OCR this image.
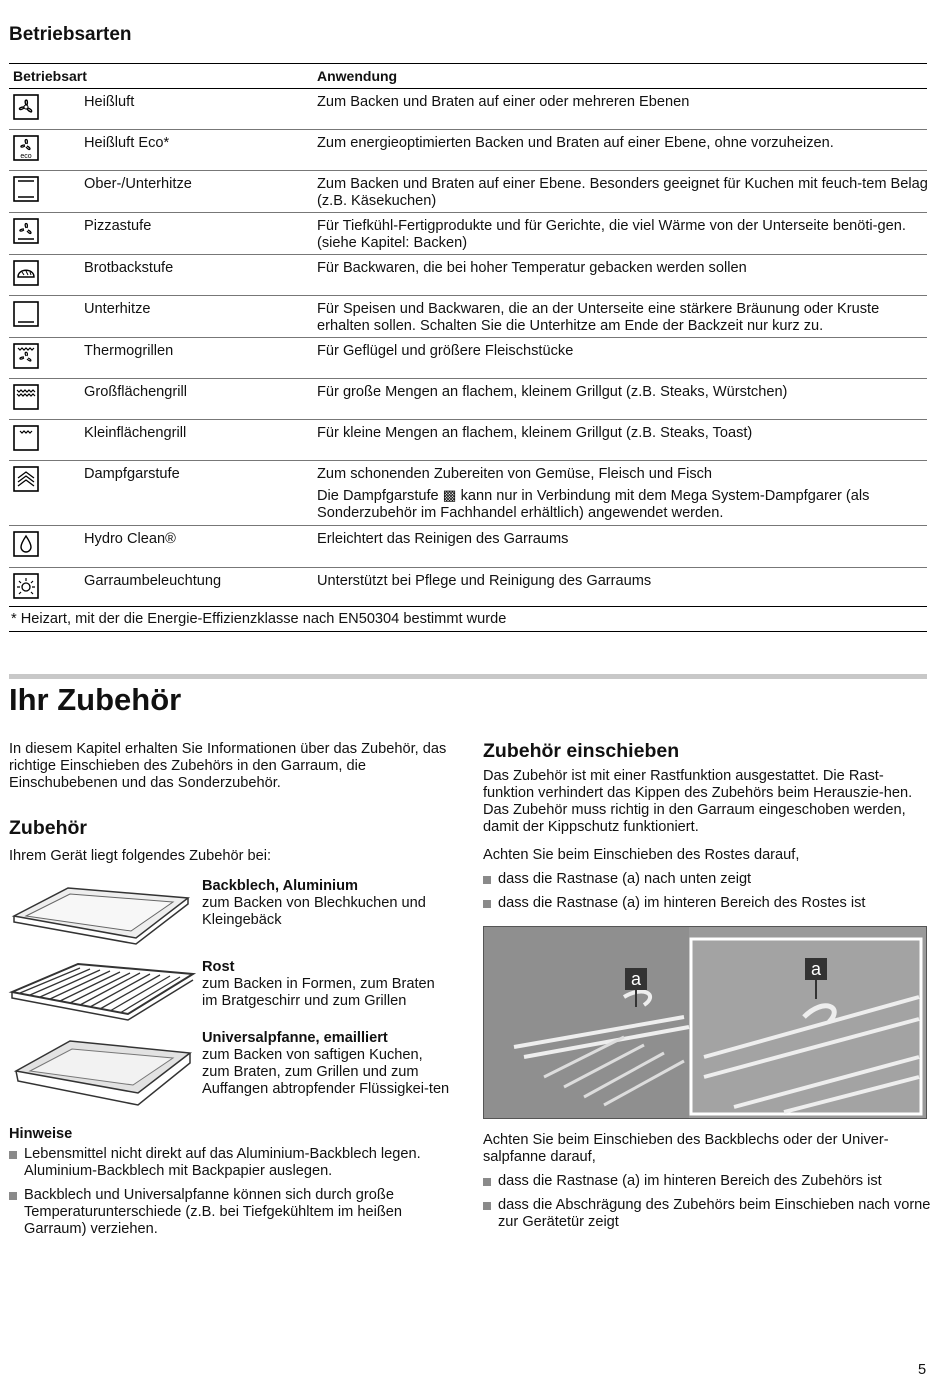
Betriebsarten
Betriebsart	Anwendung
Heißluft	Zum Backen und Braten auf einer oder mehreren Ebenen

eco
Heißluft Eco*	Zum energieoptimierten Backen und Braten auf einer Ebene, ohne vorzuheizen.

Ober-/Unterhitze	Zum Backen und Braten auf einer Ebene. Besonders geeignet für Kuchen mit feuch-tem Belag (z.B. Käsekuchen)

Pizzastufe	Für Tiefkühl-Fertigprodukte und für Gerichte, die viel Wärme von der Unterseite benöti-gen. (siehe Kapitel: Backen)

Brotbackstufe	Für Backwaren, die bei hoher Temperatur gebacken werden sollen

Unterhitze	Für Speisen und Backwaren, die an der Unterseite eine stärkere Bräunung oder Kruste erhalten sollen. Schalten Sie die Unterhitze am Ende der Backzeit nur kurz zu.

Thermogrillen	Für Geflügel und größere Fleischstücke

Großflächengrill	Für große Mengen an flachem, kleinem Grillgut (z.B. Steaks, Würstchen)

Kleinflächengrill	Für kleine Mengen an flachem, kleinem Grillgut (z.B. Steaks, Toast)

Dampfgarstufe	Zum schonenden Zubereiten von Gemüse, Fleisch und Fisch

Die Dampfgarstufe ▩ kann nur in Verbindung mit dem Mega System-Dampfgarer (als Sonderzubehör im Fachhandel erhältlich) angewendet werden.

Hydro Clean®	Erleichtert das Reinigen des Garraums

Garraumbeleuchtung	Unterstützt bei Pflege und Reinigung des Garraums

* Heizart, mit der die Energie-Effizienzklasse nach EN50304 bestimmt wurde
Ihr Zubehör
In diesem Kapitel erhalten Sie Informationen über das Zubehör, das richtige Einschieben des Zubehörs in den Garraum, die Einschubebenen und das Sonderzubehör.
Zubehör
Ihrem Gerät liegt folgendes Zubehör bei:
Backblech, Aluminium
zum Backen von Blechkuchen und Kleingebäck
Rost
zum Backen in Formen, zum Braten im Bratgeschirr und zum Grillen
Universalpfanne, emailliert
zum Backen von saftigen Kuchen, zum Braten, zum Grillen und zum Auffangen abtropfender Flüssigkei-ten
Hinweise
Lebensmittel nicht direkt auf das Aluminium-Backblech legen. Aluminium-Backblech mit Backpapier auslegen.
Backblech und Universalpfanne können sich durch große Temperaturunterschiede (z.B. bei Tiefgekühltem im heißen Garraum) verziehen.
Zubehör einschieben
Das Zubehör ist mit einer Rastfunktion ausgestattet. Die Rast-funktion verhindert das Kippen des Zubehörs beim Herauszie-hen. Das Zubehör muss richtig in den Garraum eingeschoben werden, damit der Kippschutz funktioniert.
Achten Sie beim Einschieben des Rostes darauf,
dass die Rastnase (a) nach unten zeigt
dass die Rastnase (a) im hinteren Bereich des Rostes ist
a	a
Achten Sie beim Einschieben des Backblechs oder der Univer-salpfanne darauf,
dass die Rastnase (a) im hinteren Bereich des Zubehörs ist
dass die Abschrägung des Zubehörs beim Einschieben nach vorne zur Gerätetür zeigt
5
